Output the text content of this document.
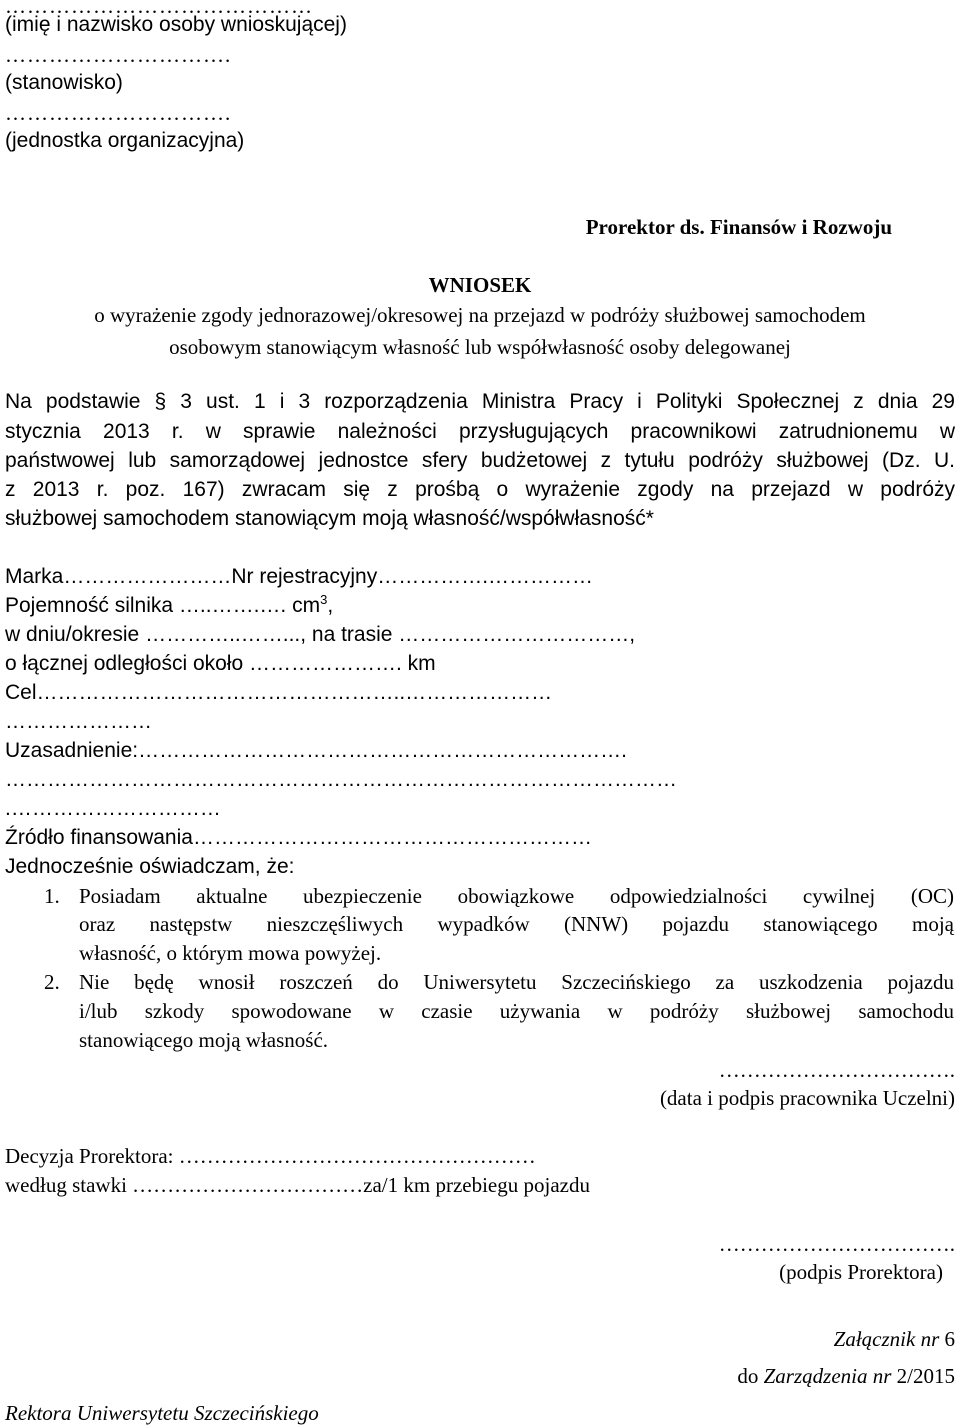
……………………………………
(imię i nazwisko osoby wnioskującej)
………………………….
(stanowisko)
………………………….
(jednostka organizacyjna)
Prorektor ds. Finansów i Rozwoju
WNIOSEK
o wyrażenie zgody jednorazowej/okresowej na przejazd w podróży służbowej samochodem
osobowym stanowiącym własność lub współwłasność osoby delegowanej
Na podstawie § 3 ust. 1 i 3 rozporządzenia Ministra Pracy i Polityki Społecznej z dnia 29
stycznia 2013 r. w sprawie należności przysługujących pracownikowi zatrudnionemu w
państwowej lub samorządowej jednostce sfery budżetowej z tytułu podróży służbowej (Dz. U.
z 2013 r. poz. 167) zwracam się z prośbą o wyrażenie zgody na przejazd w podróży
służbowej samochodem stanowiącym moją własność/współwłasność*
Marka……………………Nr rejestracyjny…………….……………
Pojemność silnika …..…….…. $cm^3$,
w dniu/okresie …………..……..., na trasie ……………………………,
o łącznej odległości około …………………. km
Cel……………………………………………..…………………
…………………
Uzasadnienie:…………………………………………………………….
……………………………………………………………………………………
.…………………………
Źródło finansowania…………………………………………………
Jednocześnie oświadczam, że:
1. Posiadam aktualne ubezpieczenie obowiązkowe odpowiedzialności cywilnej (OC)
oraz następstw nieszczęśliwych wypadków (NNW) pojazdu stanowiącego moją
własność, o którym mowa powyżej.
2. Nie będę wnosił roszczeń do Uniwersytetu Szczecińskiego za uszkodzenia pojazdu
i/lub szkody spowodowane w czasie używania w podróży służbowej samochodu
stanowiącego moją własność.
…………………………….
(data i podpis pracownika Uczelni)
Decyzja Prorektora: ……………………………………………
według stawki ……………………………za/1 km przebiegu pojazdu
…………………………….
(podpis Prorektora)
Załącznik nr 6
do Zarządzenia nr 2/2015
Rektora Uniwersytetu Szczecińskiego
